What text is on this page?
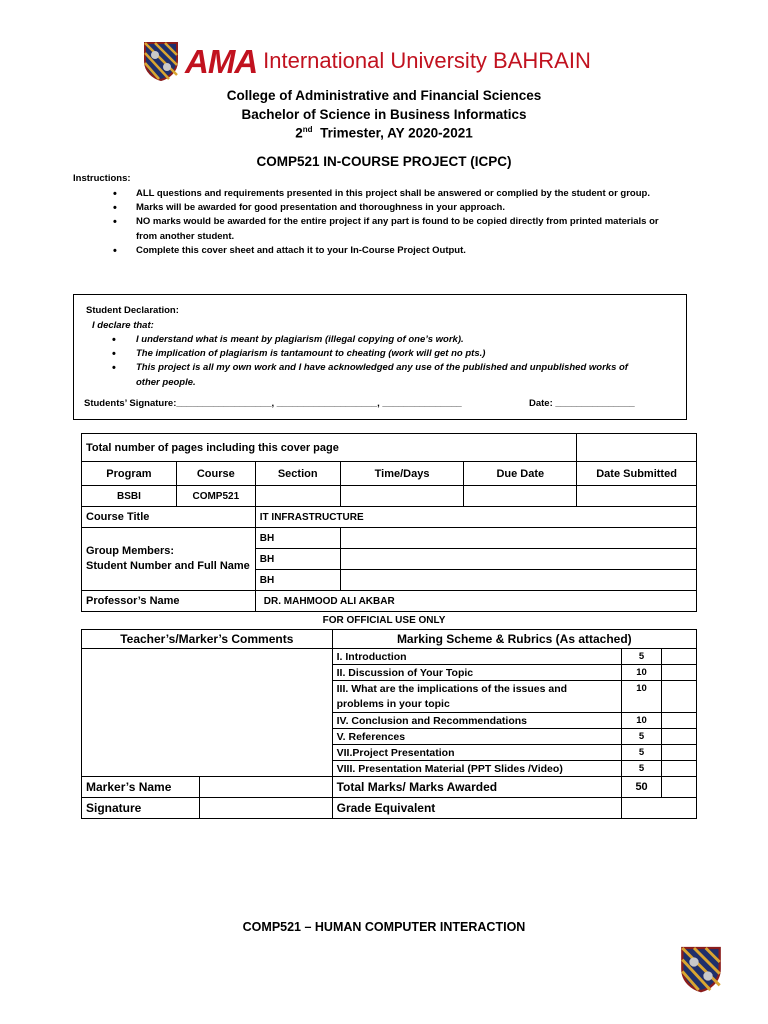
AMA International University BAHRAIN
College of Administrative and Financial Sciences
Bachelor of Science in Business Informatics
2nd Trimester, AY 2020-2021
COMP521 IN-COURSE PROJECT (ICPC)
Instructions:
• ALL questions and requirements presented in this project shall be answered or complied by the student or group.
• Marks will be awarded for good presentation and thoroughness in your approach.
• NO marks would be awarded for the entire project if any part is found to be copied directly from printed materials or from another student.
• Complete this cover sheet and attach it to your In-Course Project Output.
Student Declaration:
I declare that:
• I understand what is meant by plagiarism (illegal copying of one’s work).
• The implication of plagiarism is tantamount to cheating (work will get no pts.)
• This project is all my own work and I have acknowledged any use of the published and unpublished works of other people.
Students’ Signature:__________________, ___________________, _______________	Date: _______________
Total number of pages including this cover page					
Program	Course	Section	Time/Days	Due Date	Date Submitted
BSBI	COMP521				
Course Title		IT INFRASTRUCTURE			
Group Members:
Student Number and Full Name		BH			
		BH			
		BH			
Professor’s Name		DR. MAHMOOD ALI AKBAR			
FOR OFFICIAL USE ONLY
Teacher’s/Marker’s Comments		Marking Scheme & Rubrics (As attached)		
		I. Introduction	5	
		II. Discussion of Your Topic	10	
		III. What are the implications of the issues and problems in your topic	10	
		IV. Conclusion and Recommendations	10	
		V. References	5	
		VII.Project Presentation	5	
		VIII. Presentation Material (PPT Slides /Video)	5	
Marker’s Name		Total Marks/ Marks Awarded	50	
Signature		Grade Equivalent		
COMP521 – HUMAN COMPUTER INTERACTION
